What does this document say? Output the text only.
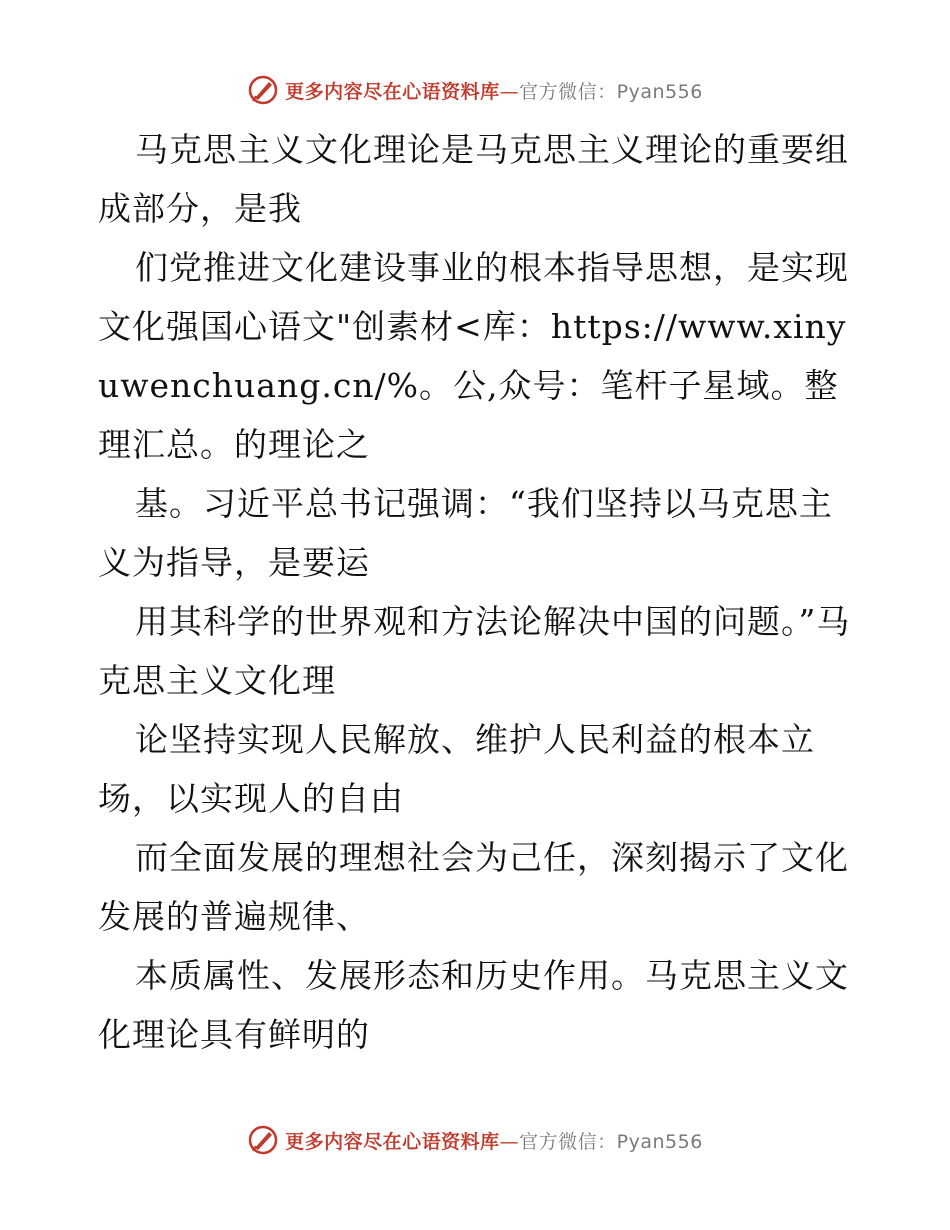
更多内容尽在心语资料库—官方微信：Pyan556

马克思主义文化理论是马克思主义理论的重要组成部分，是我

们党推进文化建设事业的根本指导思想，是实现文化强国心语文"创素材<库：https://www.xinyuwenchuang.cn/%。公,众号：笔杆子星域。整理汇总。的理论之

基。习近平总书记强调：“我们坚持以马克思主义为指导，是要运

用其科学的世界观和方法论解决中国的问题。”马克思主义文化理

论坚持实现人民解放、维护人民利益的根本立场，以实现人的自由

而全面发展的理想社会为己任，深刻揭示了文化发展的普遍规律、

本质属性、发展形态和历史作用。马克思主义文化理论具有鲜明的

更多内容尽在心语资料库—官方微信：Pyan556
